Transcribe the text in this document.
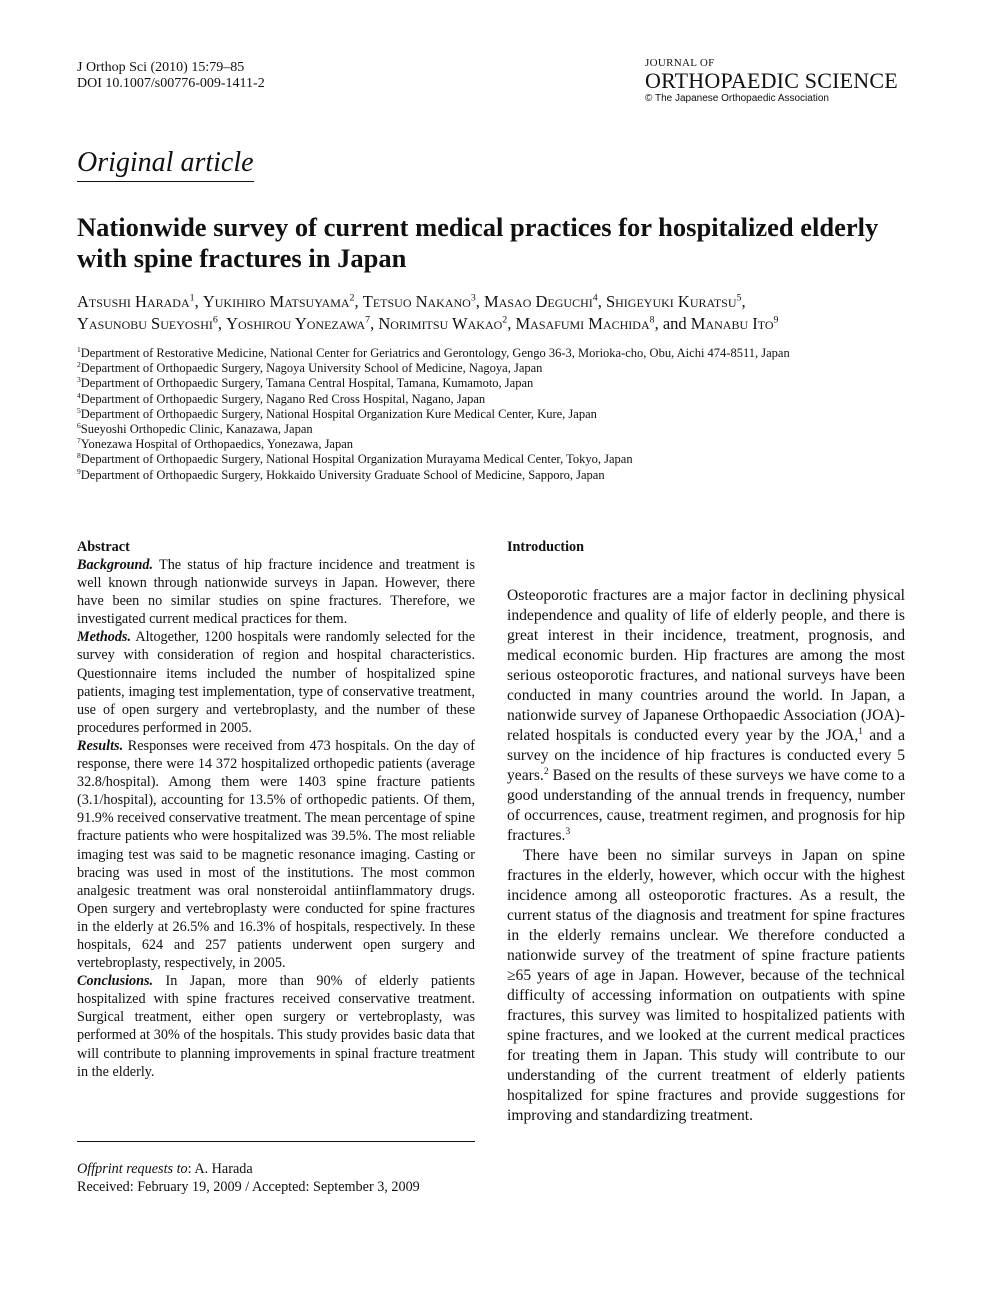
J Orthop Sci (2010) 15:79–85
DOI 10.1007/s00776-009-1411-2
JOURNAL OF
ORTHOPAEDIC SCIENCE
© The Japanese Orthopaedic Association
Original article
Nationwide survey of current medical practices for hospitalized elderly with spine fractures in Japan
Atsushi Harada$^1$, Yukihiro Matsuyama$^2$, Tetsuo Nakano$^3$, Masao Deguchi$^4$, Shigeyuki Kuratsu$^5$,
Yasunobu Sueyoshi$^6$, Yoshirou Yonezawa$^7$, Norimitsu Wakao$^2$, Masafumi Machida$^8$, and Manabu Ito$^9$
$^1$Department of Restorative Medicine, National Center for Geriatrics and Gerontology, Gengo 36-3, Morioka-cho, Obu, Aichi 474-8511, Japan
$^2$Department of Orthopaedic Surgery, Nagoya University School of Medicine, Nagoya, Japan
$^3$Department of Orthopaedic Surgery, Tamana Central Hospital, Tamana, Kumamoto, Japan
$^4$Department of Orthopaedic Surgery, Nagano Red Cross Hospital, Nagano, Japan
$^5$Department of Orthopaedic Surgery, National Hospital Organization Kure Medical Center, Kure, Japan
$^6$Sueyoshi Orthopedic Clinic, Kanazawa, Japan
$^7$Yonezawa Hospital of Orthopaedics, Yonezawa, Japan
$^8$Department of Orthopaedic Surgery, National Hospital Organization Murayama Medical Center, Tokyo, Japan
$^9$Department of Orthopaedic Surgery, Hokkaido University Graduate School of Medicine, Sapporo, Japan
Abstract

Background. The status of hip fracture incidence and treatment is well known through nationwide surveys in Japan. However, there have been no similar studies on spine fractures. Therefore, we investigated current medical practices for them.

Methods. Altogether, 1200 hospitals were randomly selected for the survey with consideration of region and hospital characteristics. Questionnaire items included the number of hospitalized spine patients, imaging test implementation, type of conservative treatment, use of open surgery and vertebroplasty, and the number of these procedures performed in 2005.

Results. Responses were received from 473 hospitals. On the day of response, there were 14 372 hospitalized orthopedic patients (average 32.8/hospital). Among them were 1403 spine fracture patients (3.1/hospital), accounting for 13.5% of orthopedic patients. Of them, 91.9% received conservative treatment. The mean percentage of spine fracture patients who were hospitalized was 39.5%. The most reliable imaging test was said to be magnetic resonance imaging. Casting or bracing was used in most of the institutions. The most common analgesic treatment was oral nonsteroidal antiinflammatory drugs. Open surgery and vertebroplasty were conducted for spine fractures in the elderly at 26.5% and 16.3% of hospitals, respectively. In these hospitals, 624 and 257 patients underwent open surgery and vertebroplasty, respectively, in 2005.

Conclusions. In Japan, more than 90% of elderly patients hospitalized with spine fractures received conservative treatment. Surgical treatment, either open surgery or vertebroplasty, was performed at 30% of the hospitals. This study provides basic data that will contribute to planning improvements in spinal fracture treatment in the elderly.

Offprint requests to: A. Harada
Received: February 19, 2009 / Accepted: September 3, 2009
Introduction

Osteoporotic fractures are a major factor in declining physical independence and quality of life of elderly people, and there is great interest in their incidence, treatment, prognosis, and medical economic burden. Hip fractures are among the most serious osteoporotic fractures, and national surveys have been conducted in many countries around the world. In Japan, a nationwide survey of Japanese Orthopaedic Association (JOA)-related hospitals is conducted every year by the JOA,$^1$ and a survey on the incidence of hip fractures is conducted every 5 years.$^2$ Based on the results of these surveys we have come to a good understanding of the annual trends in frequency, number of occurrences, cause, treatment regimen, and prognosis for hip fractures.$^3$

There have been no similar surveys in Japan on spine fractures in the elderly, however, which occur with the highest incidence among all osteoporotic fractures. As a result, the current status of the diagnosis and treatment for spine fractures in the elderly remains unclear. We therefore conducted a nationwide survey of the treatment of spine fracture patients ≥65 years of age in Japan. However, because of the technical difficulty of accessing information on outpatients with spine fractures, this survey was limited to hospitalized patients with spine fractures, and we looked at the current medical practices for treating them in Japan. This study will contribute to our understanding of the current treatment of elderly patients hospitalized for spine fractures and provide suggestions for improving and standardizing treatment.
